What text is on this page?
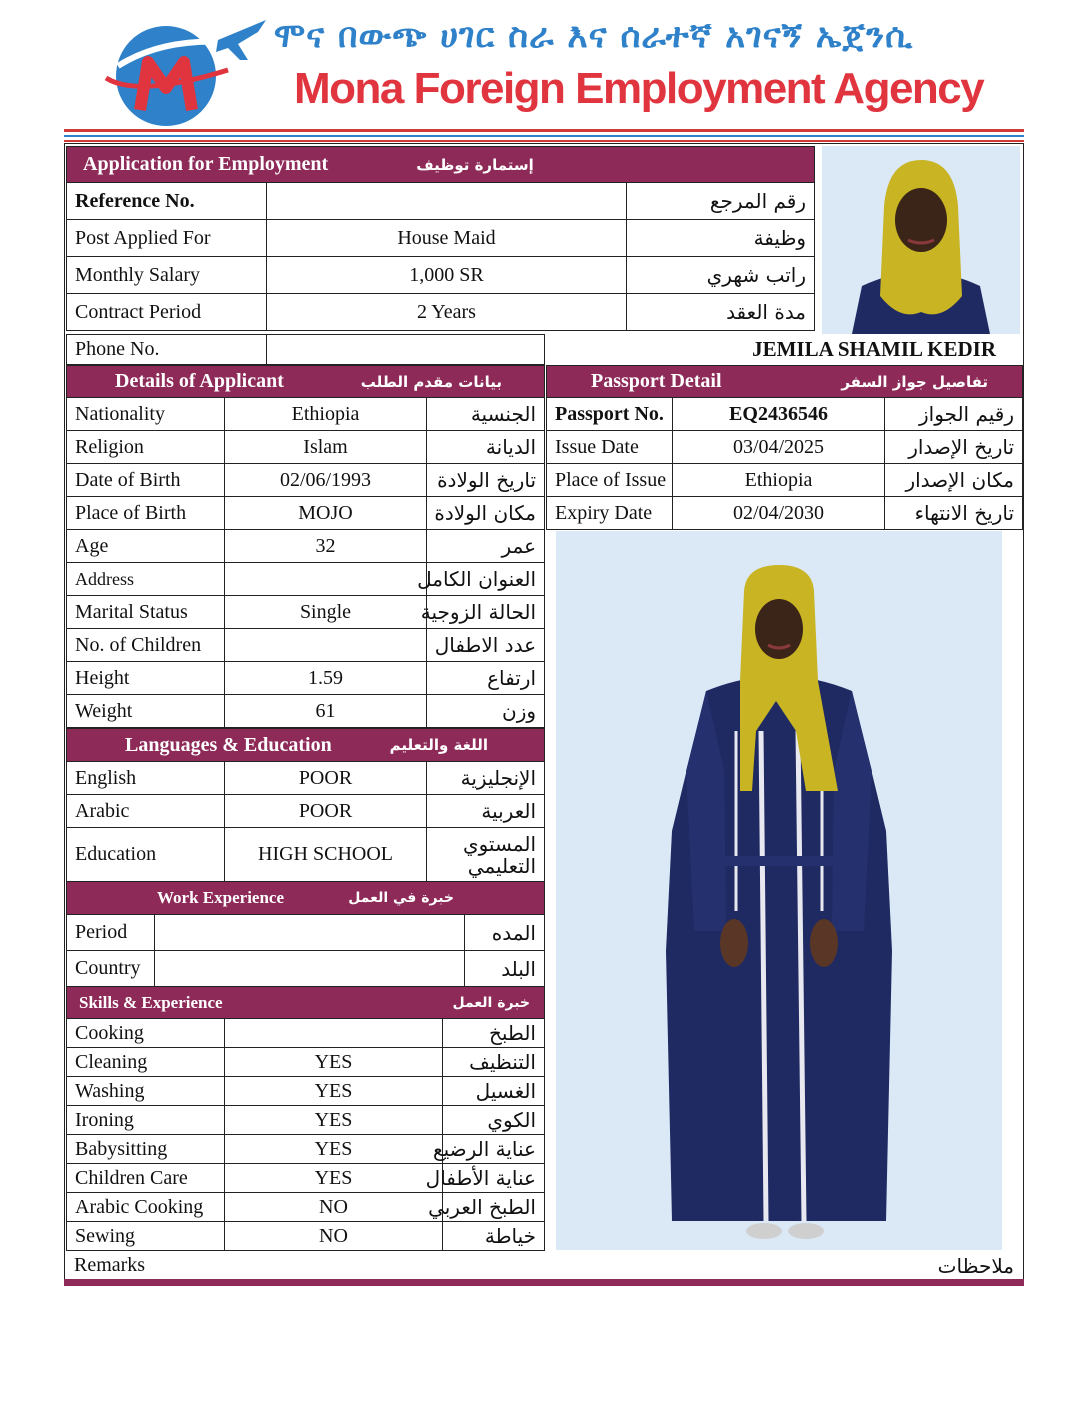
ሞና በውጭ ሀገር ስራ እና ሰራተኛ አገናኝ ኤጀንሲ
Mona Foreign Employment Agency
Application for Employment إستمارة توظيف		

Reference No.		رقم المرجع
Post Applied For	House Maid	وظيفة
Monthly Salary	1,000 SR	راتب شهري
Contract Period	2 Years	مدة العقد
Phone No.		JEMILA SHAMIL KEDIR
Details of Applicant بيانات مقدم الطلب		

Nationality	Ethiopia	الجنسية
Religion	Islam	الديانة
Date of Birth	02/06/1993	تاريخ الولادة
Place of Birth	MOJO	مكان الولادة
Age	32	عمر
Address		العنوان الكامل
Marital Status	Single	الحالة الزوجية
No. of Children		عدد الاطفال
Height	1.59	ارتفاع
Weight	61	وزن
Languages & Education اللغة والتعليم		

English	POOR	الإنجليزية
Arabic	POOR	العربية
Education	HIGH SCHOOL	المستوي التعليمي
Work Experience خبرة في العمل		

Period		المده
Country		البلد
Skills & Experience خبرة العمل		

Cooking		الطبخ
Cleaning	YES	التنظيف
Washing	YES	الغسيل
Ironing	YES	الكوي
Babysitting	YES	عناية الرضيع
Children Care	YES	عناية الأطفال
Arabic Cooking	NO	الطبخ العربي
Sewing	NO	خياطة
Passport Detail تفاصيل جواز السفر		

Passport No.	EQ2436546	رقيم الجواز
Issue Date	03/04/2025	تاريخ الإصدار
Place of Issue	Ethiopia	مكان الإصدار
Expiry Date	02/04/2030	تاريخ الانتهاء
Remarks	ملاحظات
